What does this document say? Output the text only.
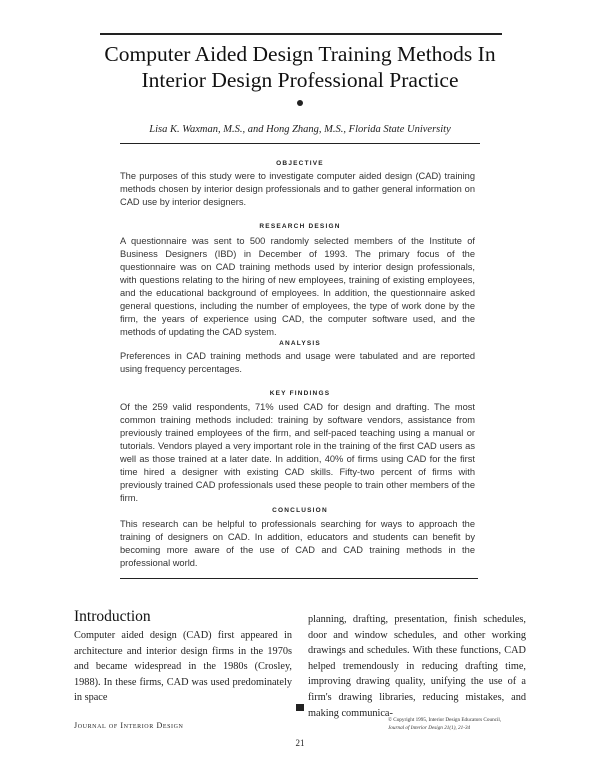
Computer Aided Design Training Methods In
Interior Design Professional Practice
Lisa K. Waxman, M.S., and Hong Zhang, M.S., Florida State University
OBJECTIVE

The purposes of this study were to investigate computer aided design (CAD) training methods chosen by interior design professionals and to gather general information on CAD use by interior designers.

RESEARCH DESIGN

A questionnaire was sent to 500 randomly selected members of the Institute of Business Designers (IBD) in December of 1993. The primary focus of the questionnaire was on CAD training methods used by interior design professionals, with questions relating to the hiring of new employees, training of existing employees, and the educational background of employees. In addition, the questionnaire asked general questions, including the number of employees, the type of work done by the firm, the years of experience using CAD, the computer software used, and the methods of updating the CAD system.

ANALYSIS

Preferences in CAD training methods and usage were tabulated and are reported using frequency percentages.

KEY FINDINGS

Of the 259 valid respondents, 71% used CAD for design and drafting. The most common training methods included: training by software vendors, assistance from previously trained employees of the firm, and self-paced teaching using a manual or tutorials. Vendors played a very important role in the training of the first CAD users as well as those trained at a later date. In addition, 40% of firms using CAD for the first time hired a designer with existing CAD skills. Fifty-two percent of firms with previously trained CAD professionals used these people to train other members of the firm.

CONCLUSION

This research can be helpful to professionals searching for ways to approach the training of designers on CAD. In addition, educators and students can benefit by becoming more aware of the use of CAD and CAD training methods in the professional world.

Introduction

Computer aided design (CAD) first appeared in architecture and interior design firms in the 1970s and became widespread in the 1980s (Crosley, 1988). In these firms, CAD was used predominately in space

planning, drafting, presentation, finish schedules, door and window schedules, and other working drawings and schedules. With these functions, CAD helped tremendously in reducing drafting time, improving drawing quality, unifying the use of a firm's drawing libraries, reducing mistakes, and making communica-

Journal of Interior Design
© Copyright 1995, Interior Design Educators Council,
Journal of Interior Design 21(1), 21-34
21
